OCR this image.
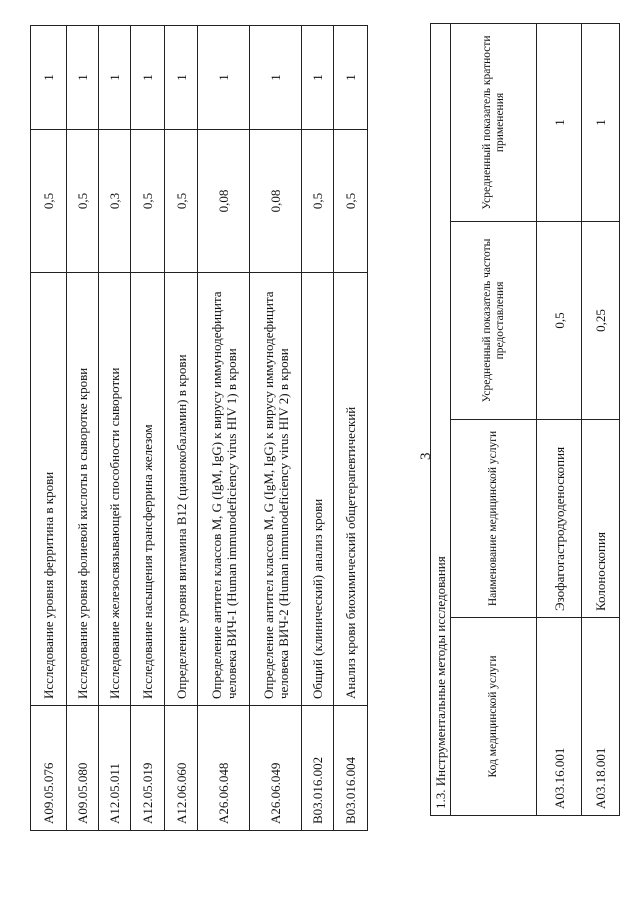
3
A09.05.076	Исследование уровня ферритина в крови	0,5	1
A09.05.080	Исследование уровня фолиевой кислоты в сыворотке крови	0,5	1
A12.05.011	Исследование железосвязывающей способности сыворотки	0,3	1
A12.05.019	Исследование насыщения трансферрина железом	0,5	1
A12.06.060	Определение уровня витамина B12 (цианокобаламин) в крови	0,5	1
A26.06.048	Определение антител классов M, G (IgM, IgG) к вирусу иммунодефицита человека ВИЧ-1 (Human immunodeficiency virus HIV 1) в крови	0,08	1
A26.06.049	Определение антител классов M, G (IgM, IgG) к вирусу иммунодефицита человека ВИЧ-2 (Human immunodeficiency virus HIV 2) в крови	0,08	1
B03.016.002	Общий (клинический) анализ крови	0,5	1
B03.016.004	Анализ крови биохимический общетерапевтический	0,5	1
1.3. Инструментальные методы исследования			
Код медицинской услуги	Наименование медицинской услуги	Усредненный показатель частоты предоставления	Усредненный показатель кратности применения
A03.16.001	Эзофагогастродуоденоскопия	0,5	1
A03.18.001	Колоноскопия	0,25	1
